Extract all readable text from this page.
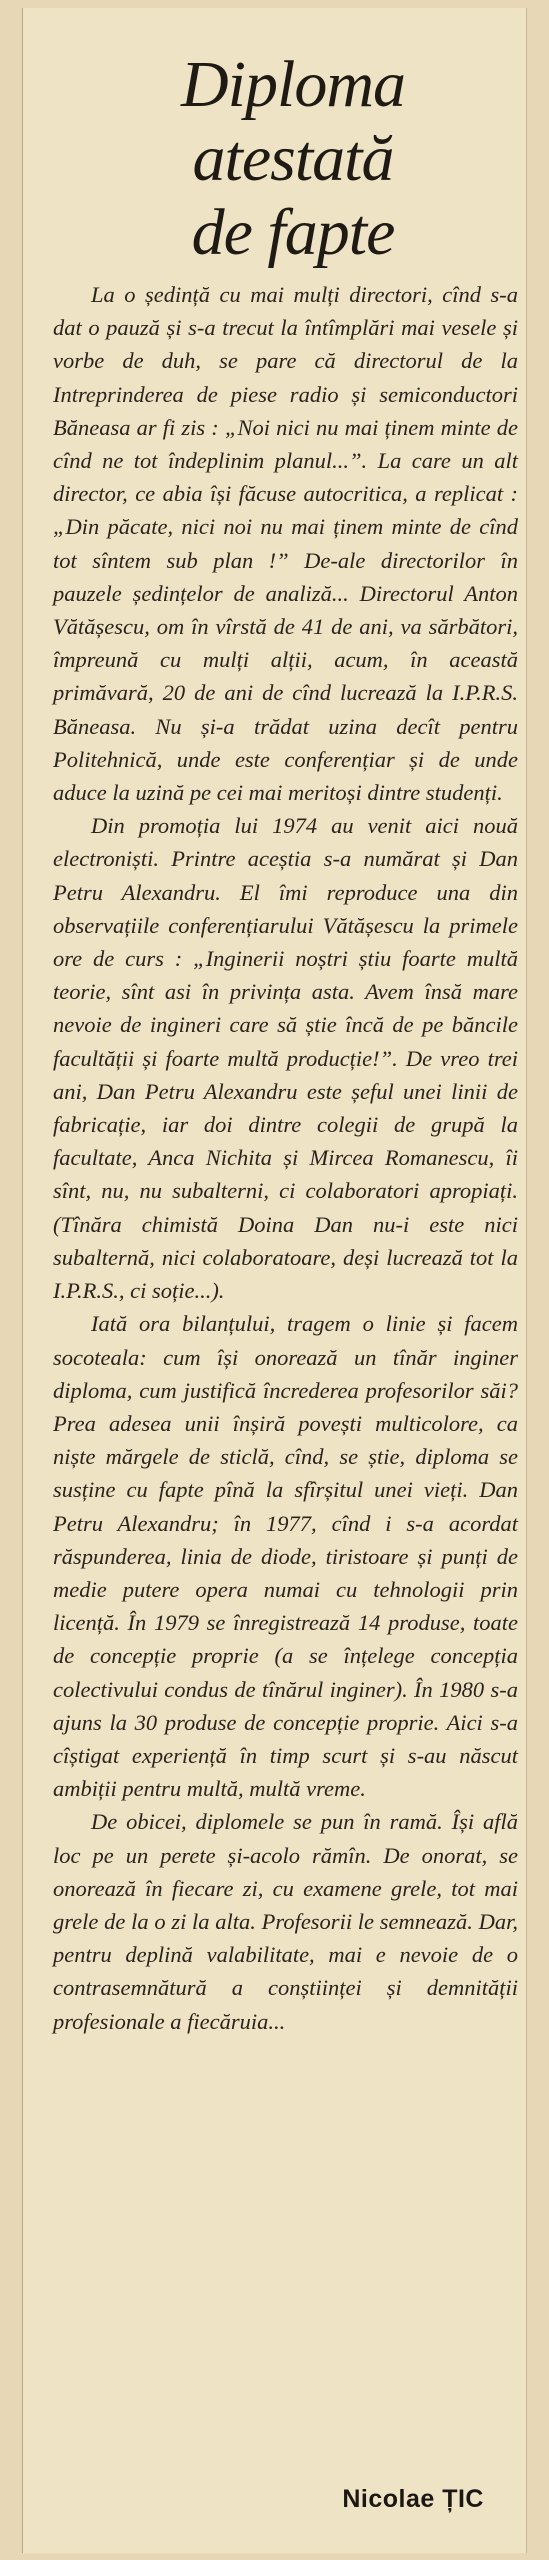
Diploma
atestată
de fapte

La o ședință cu mai mulți directori, cînd s-a dat o pauză și s-a trecut la întîmplări mai vesele și vorbe de duh, se pare că directorul de la Intreprinderea de piese radio și semiconductori Băneasa ar fi zis : „Noi nici nu mai ținem minte de cînd ne tot îndeplinim planul...”. La care un alt director, ce abia își făcuse autocritica, a replicat : „Din păcate, nici noi nu mai ținem minte de cînd tot sîntem sub plan !” De-ale directorilor în pauzele ședințelor de analiză... Directorul Anton Vătășescu, om în vîrstă de 41 de ani, va sărbători, împreună cu mulți alții, acum, în această primăvară, 20 de ani de cînd lucrează la I.P.R.S. Băneasa. Nu și-a trădat uzina decît pentru Politehnică, unde este conferențiar și de unde aduce la uzină pe cei mai meritoși dintre studenți.

Din promoția lui 1974 au venit aici nouă electroniști. Printre aceștia s-a numărat și Dan Petru Alexandru. El îmi reproduce una din observațiile conferențiarului Vătășescu la primele ore de curs : „Inginerii noștri știu foarte multă teorie, sînt asi în privința asta. Avem însă mare nevoie de ingineri care să știe încă de pe băncile facultății și foarte multă producție!”. De vreo trei ani, Dan Petru Alexandru este șeful unei linii de fabricație, iar doi dintre colegii de grupă la facultate, Anca Nichita și Mircea Romanescu, îi sînt, nu, nu subalterni, ci colaboratori apropiați. (Tînăra chimistă Doina Dan nu-i este nici subalternă, nici colaboratoare, deși lucrează tot la I.P.R.S., ci soție...).

Iată ora bilanțului, tragem o linie și facem socoteala: cum își onorează un tînăr inginer diploma, cum justifică încrederea profesorilor săi? Prea adesea unii înșiră povești multicolore, ca niște mărgele de sticlă, cînd, se știe, diploma se susține cu fapte pînă la sfîrșitul unei vieți. Dan Petru Alexandru; în 1977, cînd i s-a acordat răspunderea, linia de diode, tiristoare și punți de medie putere opera numai cu tehnologii prin licență. În 1979 se înregistrează 14 produse, toate de concepție proprie (a se înțelege concepția colectivului condus de tînărul inginer). În 1980 s-a ajuns la 30 produse de concepție proprie. Aici s-a cîștigat experiență în timp scurt și s-au născut ambiții pentru multă, multă vreme.

De obicei, diplomele se pun în ramă. Își află loc pe un perete și-acolo rămîn. De onorat, se onorează în fiecare zi, cu examene grele, tot mai grele de la o zi la alta. Profesorii le semnează. Dar, pentru deplină valabilitate, mai e nevoie de o contrasemnătură a conștiinței și demnității profesionale a fiecăruia...

Nicolae ȚIC
